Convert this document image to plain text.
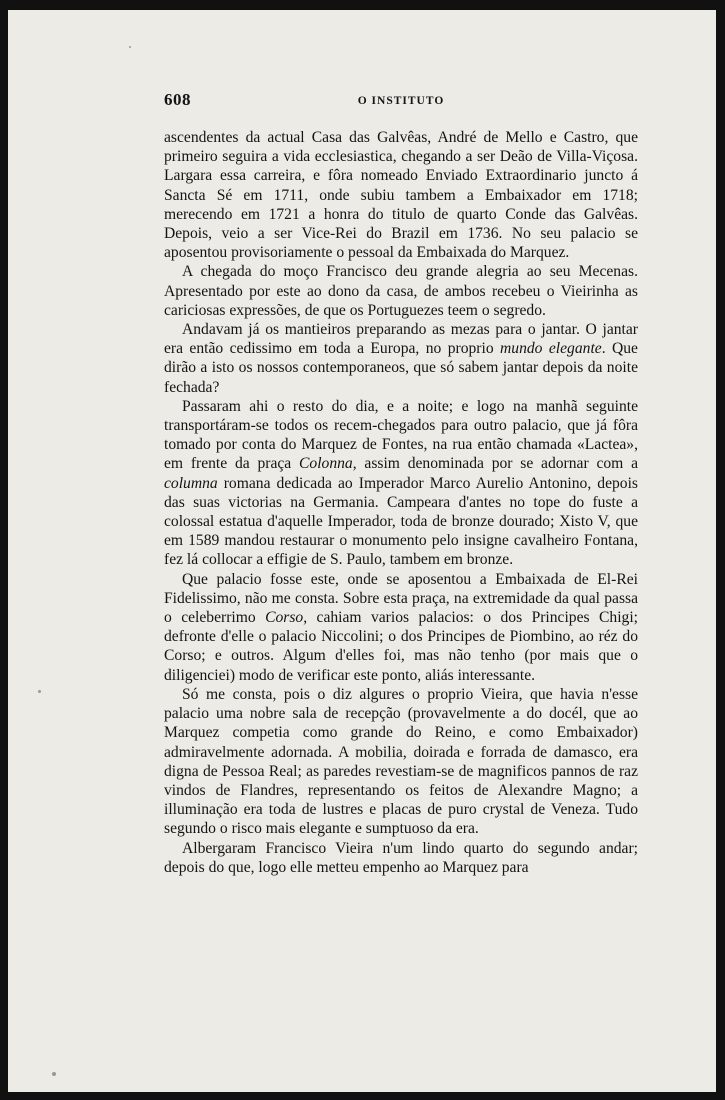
608	O INSTITUTO

ascendentes da actual Casa das Galvêas, André de Mello e Castro, que primeiro seguira a vida ecclesiastica, chegando a ser Deão de Villa-Viçosa. Largara essa carreira, e fôra nomeado Enviado Extraordinario juncto á Sancta Sé em 1711, onde subiu tambem a Embaixador em 1718; merecendo em 1721 a honra do titulo de quarto Conde das Galvêas. Depois, veio a ser Vice-Rei do Brazil em 1736. No seu palacio se aposentou provisoriamente o pessoal da Embaixada do Marquez.

A chegada do moço Francisco deu grande alegria ao seu Mecenas. Apresentado por este ao dono da casa, de ambos recebeu o Vieirinha as cariciosas expressões, de que os Portuguezes teem o segredo.

Andavam já os mantieiros preparando as mezas para o jantar. O jantar era então cedissimo em toda a Europa, no proprio mundo elegante. Que dirão a isto os nossos contemporaneos, que só sabem jantar depois da noite fechada?

Passaram ahi o resto do dia, e a noite; e logo na manhã seguinte transportáram-se todos os recem-chegados para outro palacio, que já fôra tomado por conta do Marquez de Fontes, na rua então chamada «Lactea», em frente da praça Colonna, assim denominada por se adornar com a columna romana dedicada ao Imperador Marco Aurelio Antonino, depois das suas victorias na Germania. Campeara d'antes no tope do fuste a colossal estatua d'aquelle Imperador, toda de bronze dourado; Xisto V, que em 1589 mandou restaurar o monumento pelo insigne cavalheiro Fontana, fez lá collocar a effigie de S. Paulo, tambem em bronze.

Que palacio fosse este, onde se aposentou a Embaixada de El-Rei Fidelissimo, não me consta. Sobre esta praça, na extremidade da qual passa o celeberrimo Corso, cahiam varios palacios: o dos Principes Chigi; defronte d'elle o palacio Niccolini; o dos Principes de Piombino, ao réz do Corso; e outros. Algum d'elles foi, mas não tenho (por mais que o diligenciei) modo de verificar este ponto, aliás interessante.

Só me consta, pois o diz algures o proprio Vieira, que havia n'esse palacio uma nobre sala de recepção (provavelmente a do docél, que ao Marquez competia como grande do Reino, e como Embaixador) admiravelmente adornada. A mobilia, doirada e forrada de damasco, era digna de Pessoa Real; as paredes revestiam-se de magnificos pannos de raz vindos de Flandres, representando os feitos de Alexandre Magno; a illuminação era toda de lustres e placas de puro crystal de Veneza. Tudo segundo o risco mais elegante e sumptuoso da era.

Albergaram Francisco Vieira n'um lindo quarto do segundo andar; depois do que, logo elle metteu empenho ao Marquez para
